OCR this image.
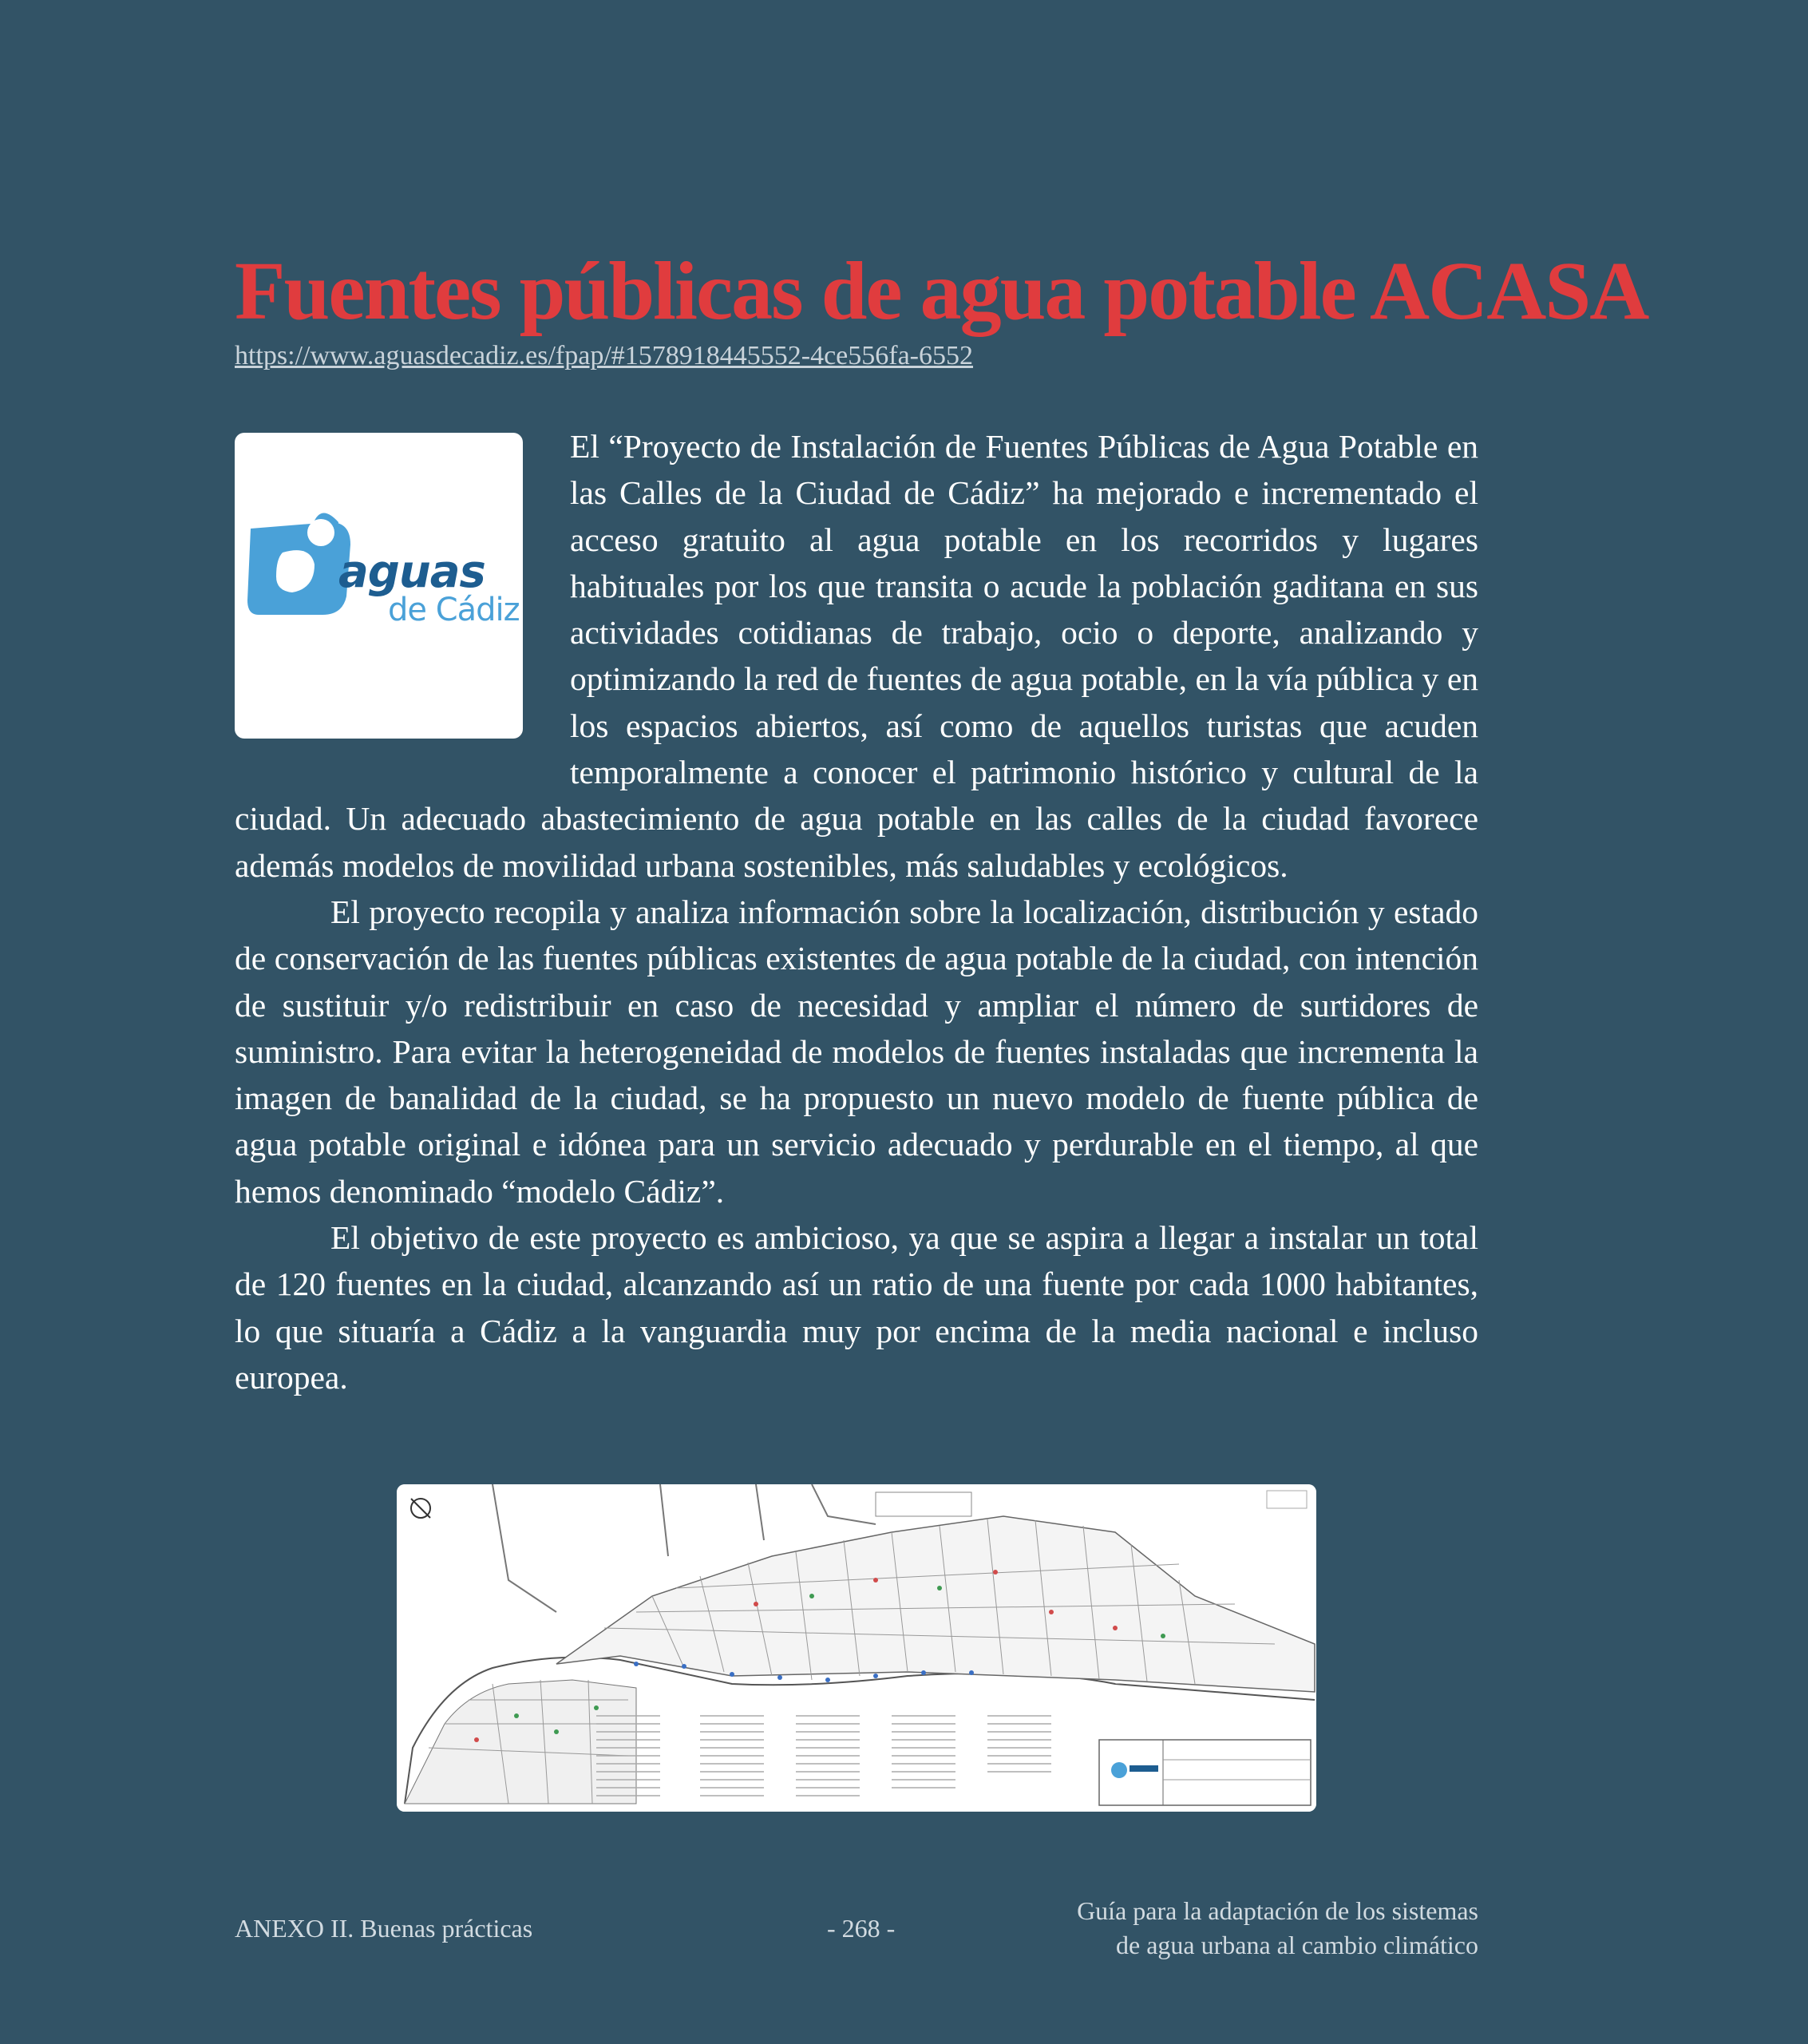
Fuentes públicas de agua potable ACASA
https://www.aguasdecadiz.es/fpap/#1578918445552-4ce556fa-6552
aguas
de Cádiz

El “Proyecto de Instalación de Fuentes Públicas de Agua Potable en las Calles de la Ciudad de Cádiz” ha mejorado e incrementado el acceso gratuito al agua potable en los recorridos y lugares habituales por los que transita o acude la población gaditana en sus actividades cotidianas de trabajo, ocio o deporte, analizando y optimizando la red de fuentes de agua potable, en la vía pública y en los espacios abiertos, así como de aquellos turistas que acuden temporalmente a conocer el patrimonio histórico y cultural de la ciudad. Un adecuado abastecimiento de agua potable en las calles de la ciudad favorece además modelos de movilidad urbana sostenibles, más saludables y ecológicos.

El proyecto recopila y analiza información sobre la localización, distribución y estado de conservación de las fuentes públicas existentes de agua potable de la ciudad, con intención de sustituir y/o redistribuir en caso de necesidad y ampliar el número de surtidores de suministro. Para evitar la heterogeneidad de modelos de fuentes instaladas que incrementa la imagen de banalidad de la ciudad, se ha propuesto un nuevo modelo de fuente pública de agua potable original e idónea para un servicio adecuado y perdurable en el tiempo, al que hemos denominado “modelo Cádiz”.

El objetivo de este proyecto es ambicioso, ya que se aspira a llegar a instalar un total de 120 fuentes en la ciudad, alcanzando así un ratio de una fuente por cada 1000 habitantes, lo que situaría a Cádiz a la vanguardia muy por encima de la media nacional e incluso europea.

ANEXO II. Buenas prácticas	- 268 -
Guía para la adaptación de los sistemas
de agua urbana al cambio climático
